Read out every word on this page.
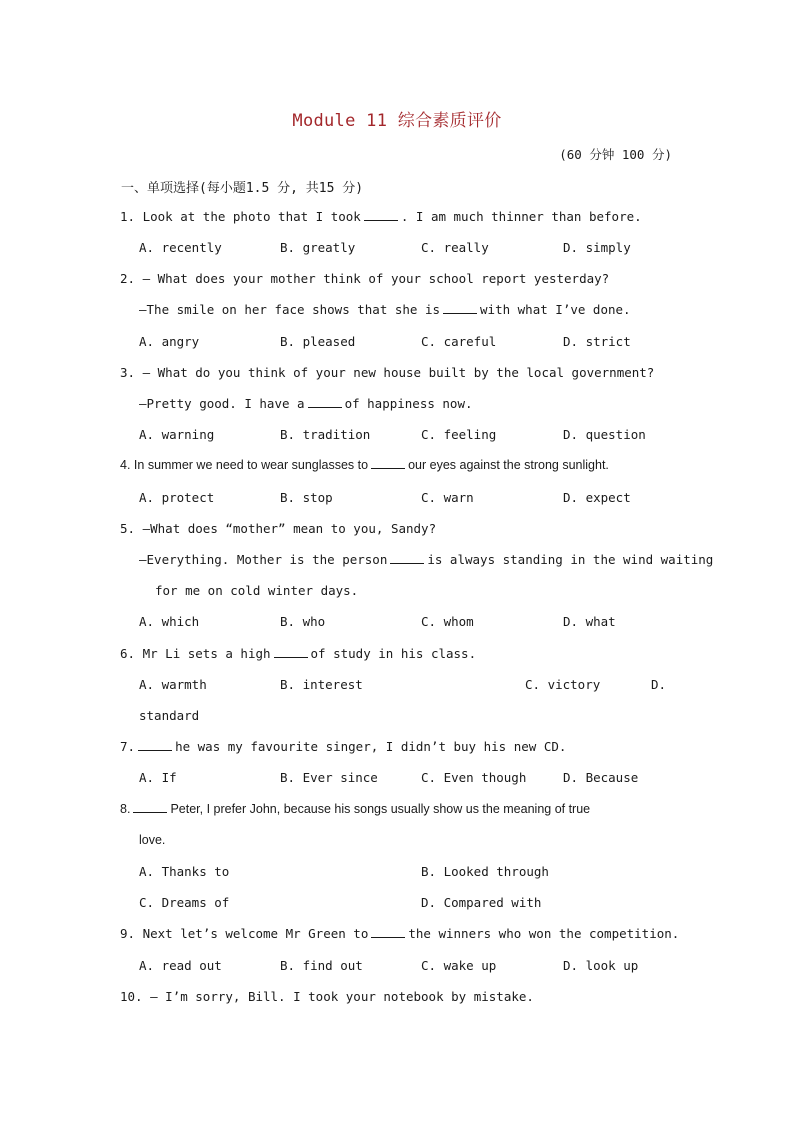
Module 11 综合素质评价
(60 分钟 100 分)
一、单项选择(每小题1.5 分, 共15 分)
1. Look at the photo that I took	. I am much thinner than before.
A. recently	B. greatly	C. really	D. simply
2. — What does your mother think of your school report yesterday?
—The smile on her face shows that she is	with what I’ve done.
A. angry	B. pleased	C. careful	D. strict
3. — What do you think of your new house built by the local government?
—Pretty good. I have a	of happiness now.
A. warning	B. tradition	C. feeling	D. question
4. In summer we need to wear sunglasses to	our eyes against the strong sunlight.
A. protect	B. stop	C. warn	D. expect
5. —What does “mother” mean to you, Sandy?
—Everything. Mother is the person	is always standing in the wind waiting
for me on cold winter days.
A. which	B. who	C. whom	D. what
6. Mr Li sets a high	of study in his class.
A. warmth	B. interest	C. victory	D.
standard
7.	he was my favourite singer, I didn’t buy his new CD.
A. If	B. Ever since	C. Even though	D. Because
8.	Peter, I prefer John, because his songs usually show us the meaning of true
love.
A. Thanks to	B. Looked through
C. Dreams of	D. Compared with
9. Next let’s welcome Mr Green to	the winners who won the competition.
A. read out	B. find out	C. wake up	D. look up
10. — I’m sorry, Bill. I took your notebook by mistake.
